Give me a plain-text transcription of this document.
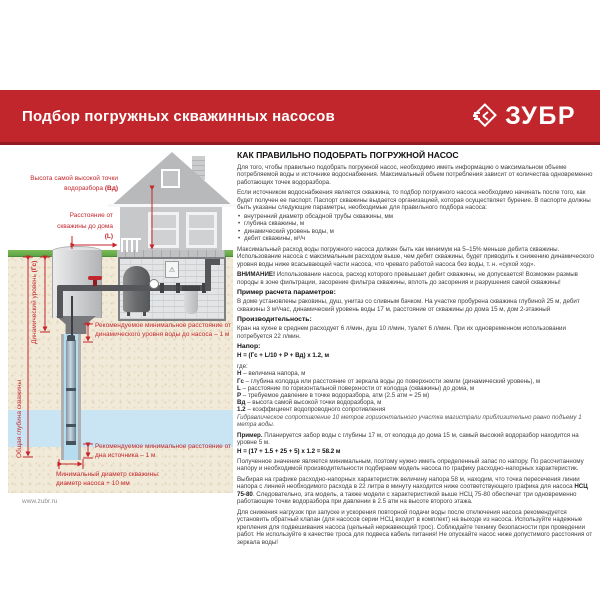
Подбор погружных скважинных насосов	ЗУБР
⚠
Высота самой высокой точки водоразбора (Вд)
Расстояние от скважины до дома (L)
Динамический уровень (Гс)
Общая глубина скважины
Рекомендуемое минимальное расстояние от динамического уровня воды до насоса – 1 м
Рекомендуемое минимальное расстояние от дна источника – 1 м
Минимальный диаметр скважины: диаметр насоса + 10 мм
КАК ПРАВИЛЬНО ПОДОБРАТЬ ПОГРУЖНОЙ НАСОС

Для того, чтобы правильно подобрать погружной насос, необходимо иметь информацию о максимальном объеме потребляемой воды и источнике водоснабжения. Максимальный объем потребления зависит от количества одновременно работающих точек водоразбора.

Если источником водоснабжения является скважина, то подбор погружного насоса необходимо начинать после того, как будет получен ее паспорт. Паспорт скважины выдается организацией, которая осуществляет бурение. В паспорте должны быть указаны следующие параметры, необходимые для правильного подбора насоса:

• внутренний диаметр обсадной трубы скважины, мм
• глубина скважины, м
• динамический уровень воды, м
• дебит скважины, м³/ч

Максимальный расход воды погружного насоса должен быть как минимум на 5–15% меньше дебита скважины. Использование насоса с максимальным расходом выше, чем дебит скважины, будет приводить к снижению динамического уровня воды ниже всасывающей части насоса, что чревато работой насоса без воды, т. н. «сухой ход».

ВНИМАНИЕ! Использование насоса, расход которого превышает дебит скважины, не допускается! Возможен размыв породы в зоне фильтрации, засорение фильтра скважины, вплоть до засорения и разрушения самой скважины!

Пример расчета параметров:

В доме установлены раковины, душ, унитаз со сливным бачком. На участке пробурена скважина глубиной 25 м, дебит скважины 3 м³/час, динамический уровень воды 17 м, расстояние от скважины до дома 15 м, дом 2-этажный

Производительность:

Кран на кухне в среднем расходует 6 л/мин, душ 10 л/мин, туалет 6 л/мин. При их одновременном использовании потребуется 22 л/мин.

Напор:

H = (Гс + L/10 + P + Вд) x 1.2, м

где:
H – величина напора, м
Гс – глубина колодца или расстояние от зеркала воды до поверхности земли (динамический уровень), м
L – расстояние по горизонтальной поверхности от колодца (скважины) до дома, м
P – требуемое давление в точке водоразбора, атм (2.5 атм = 25 м)
Вд – высота самой высокой точки водоразбора, м
1.2 – коэффициент водопроводного сопротивления

Гидравлическое сопротивление 10 метров горизонтального участка магистрали приблизительно равно подъему 1 метра воды.

Пример. Планируется забор воды с глубины 17 м, от колодца до дома 15 м, самый высокий водоразбор находится на уровне 5 м.

H = (17 + 1.5 + 25 + 5) x 1.2 = 58.2 м

Полученное значение является минимальным, поэтому нужно иметь определенный запас по напору. По рассчитанному напору и необходимой производительности подбираем модель насоса по графику расходно-напорных характеристик.

Выбирая на графике расходно-напорных характеристик величину напора 58 м, находим, что точка пересечения линии напора с линией необходимого расхода в 22 литра в минуту находится ниже соответствующего графика для насоса НСЦ 75-80. Следовательно, эта модель, а также модели с характеристикой выше НСЦ 75-80 обеспечат три одновременно работающие точки водоразбора при давлении в 2.5 атм на высоте второго этажа.

Для снижения нагрузок при запуске и ускорения повторной подачи воды после отключения насоса рекомендуется установить обратный клапан (для насосов серии НСЦ входит в комплект) на выходе из насоса. Используйте надежные крепления для подвешивания насоса (цельный нержавеющий трос). Соблюдайте технику безопасности при проведении работ. Не используйте в качестве троса для подвеса кабель питания! Не опускайте насос ниже допустимого расстояния от зеркала воды!

www.zubr.ru
